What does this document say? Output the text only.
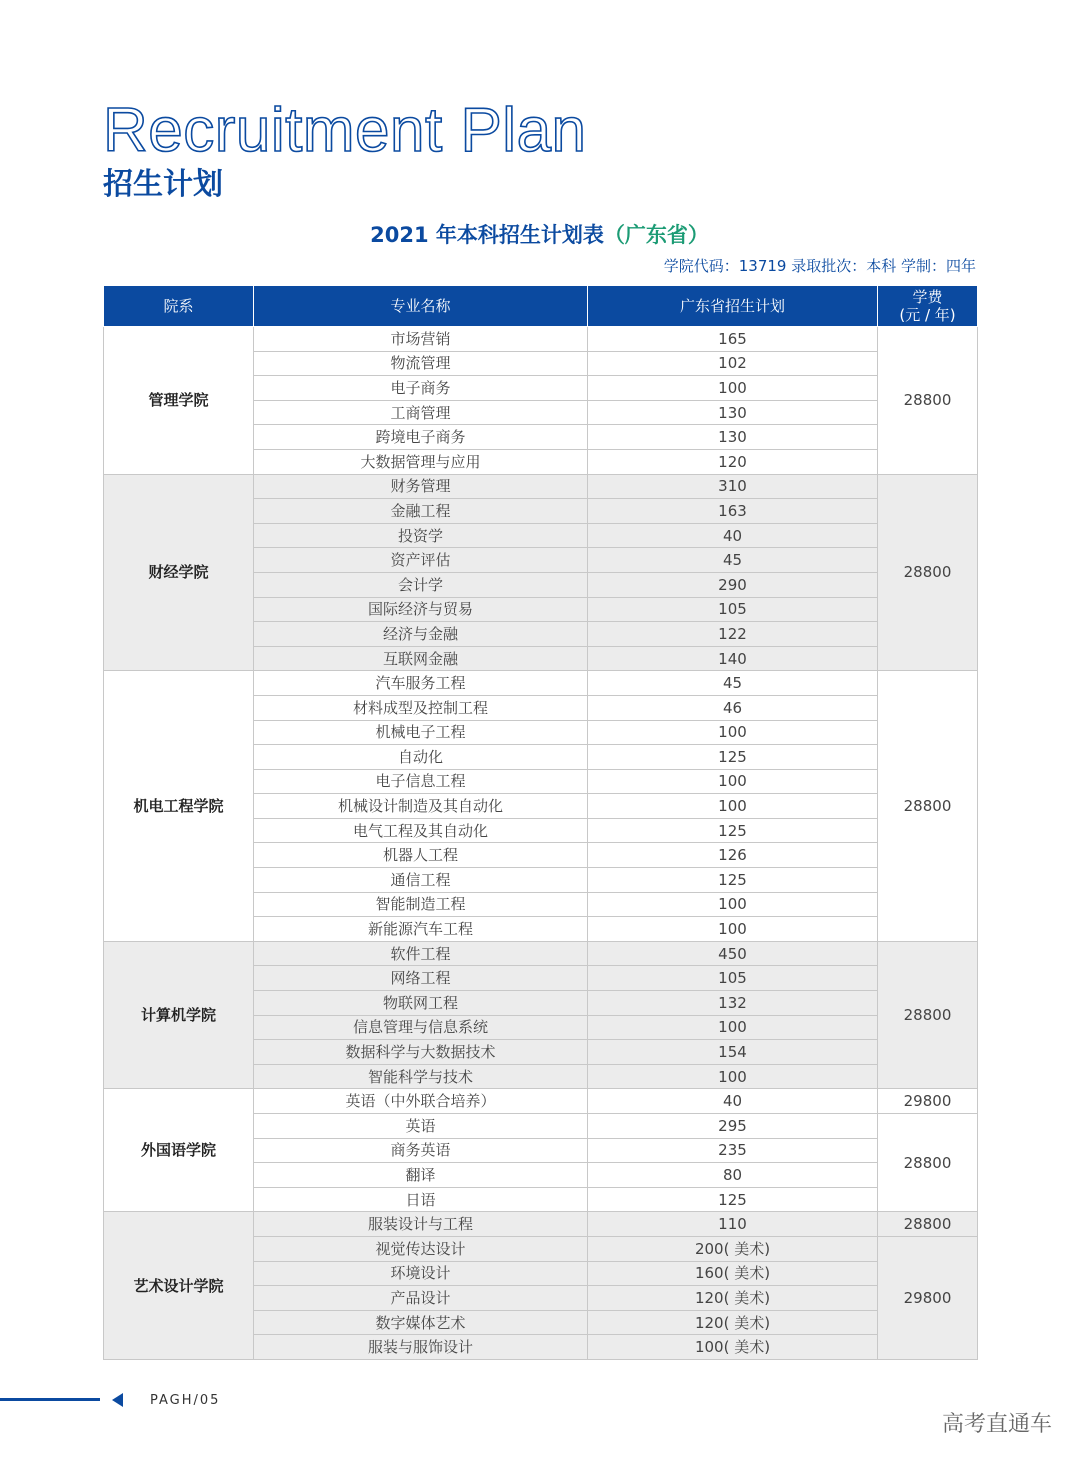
Recruitment Plan
招生计划
2021 年本科招生计划表（广东省）
学院代码：13719 录取批次：本科 学制：四年
院系	专业名称	广东省招生计划	学费
(元 / 年)
管理学院	市场营销	165	28800
	物流管理	102	
	电子商务	100	
	工商管理	130	
	跨境电子商务	130	
	大数据管理与应用	120	
财经学院	财务管理	310	28800
	金融工程	163	
	投资学	40	
	资产评估	45	
	会计学	290	
	国际经济与贸易	105	
	经济与金融	122	
	互联网金融	140	
机电工程学院	汽车服务工程	45	28800
	材料成型及控制工程	46	
	机械电子工程	100	
	自动化	125	
	电子信息工程	100	
	机械设计制造及其自动化	100	
	电气工程及其自动化	125	
	机器人工程	126	
	通信工程	125	
	智能制造工程	100	
	新能源汽车工程	100	
计算机学院	软件工程	450	28800
	网络工程	105	
	物联网工程	132	
	信息管理与信息系统	100	
	数据科学与大数据技术	154	
	智能科学与技术	100	
外国语学院	英语（中外联合培养）	40	29800
	英语	295	28800
	商务英语	235	
	翻译	80	
	日语	125	
艺术设计学院	服装设计与工程	110	28800
	视觉传达设计	200( 美术)	29800
	环境设计	160( 美术)	
	产品设计	120( 美术)	
	数字媒体艺术	120( 美术)	
	服装与服饰设计	100( 美术)	
PAGH/05
高考直通车
